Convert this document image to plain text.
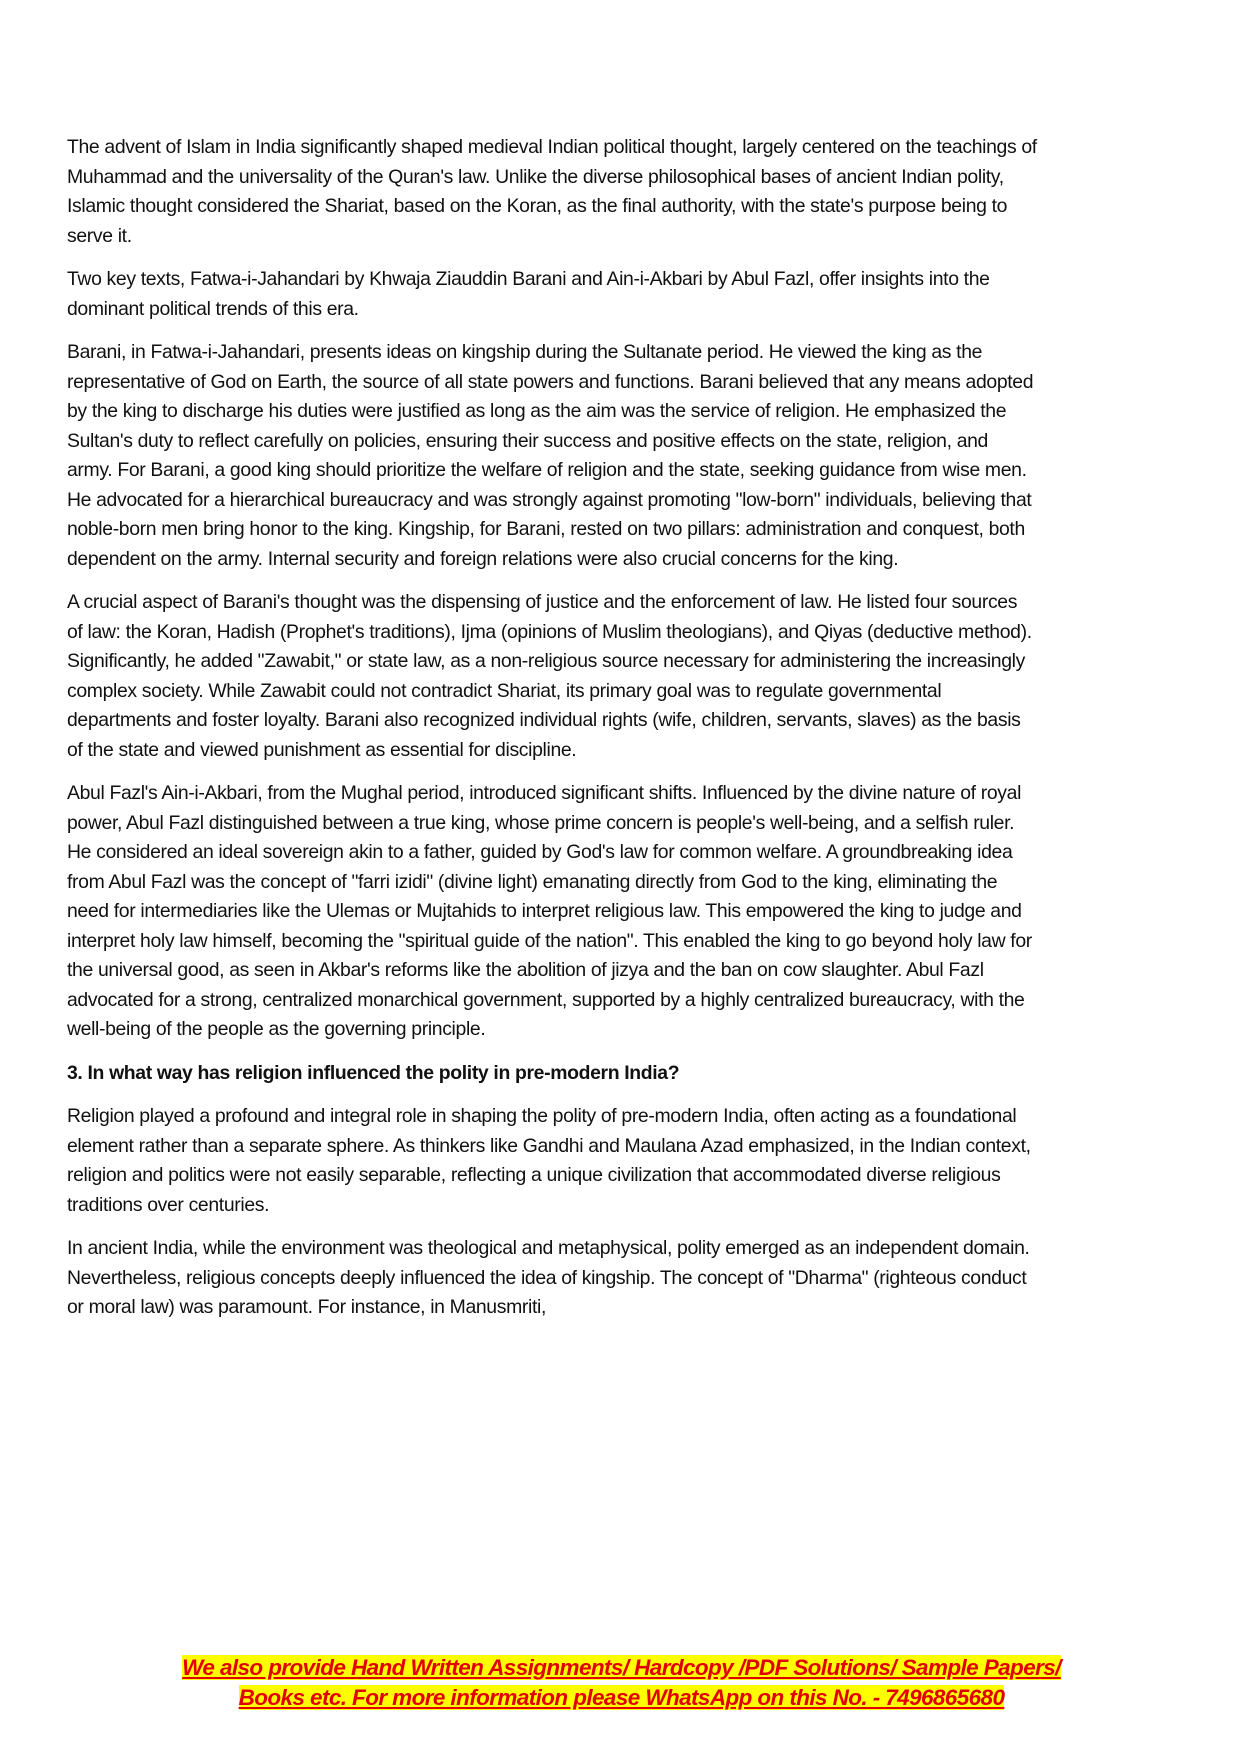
The advent of Islam in India significantly shaped medieval Indian political thought, largely centered on the teachings of Muhammad and the universality of the Quran's law. Unlike the diverse philosophical bases of ancient Indian polity, Islamic thought considered the Shariat, based on the Koran, as the final authority, with the state's purpose being to serve it.

Two key texts, Fatwa-i-Jahandari by Khwaja Ziauddin Barani and Ain-i-Akbari by Abul Fazl, offer insights into the dominant political trends of this era.

Barani, in Fatwa-i-Jahandari, presents ideas on kingship during the Sultanate period. He viewed the king as the representative of God on Earth, the source of all state powers and functions. Barani believed that any means adopted by the king to discharge his duties were justified as long as the aim was the service of religion. He emphasized the Sultan's duty to reflect carefully on policies, ensuring their success and positive effects on the state, religion, and army. For Barani, a good king should prioritize the welfare of religion and the state, seeking guidance from wise men. He advocated for a hierarchical bureaucracy and was strongly against promoting "low-born" individuals, believing that noble-born men bring honor to the king. Kingship, for Barani, rested on two pillars: administration and conquest, both dependent on the army. Internal security and foreign relations were also crucial concerns for the king.

A crucial aspect of Barani's thought was the dispensing of justice and the enforcement of law. He listed four sources of law: the Koran, Hadish (Prophet's traditions), Ijma (opinions of Muslim theologians), and Qiyas (deductive method). Significantly, he added "Zawabit," or state law, as a non-religious source necessary for administering the increasingly complex society. While Zawabit could not contradict Shariat, its primary goal was to regulate governmental departments and foster loyalty. Barani also recognized individual rights (wife, children, servants, slaves) as the basis of the state and viewed punishment as essential for discipline.

Abul Fazl's Ain-i-Akbari, from the Mughal period, introduced significant shifts. Influenced by the divine nature of royal power, Abul Fazl distinguished between a true king, whose prime concern is people's well-being, and a selfish ruler. He considered an ideal sovereign akin to a father, guided by God's law for common welfare. A groundbreaking idea from Abul Fazl was the concept of "farri izidi" (divine light) emanating directly from God to the king, eliminating the need for intermediaries like the Ulemas or Mujtahids to interpret religious law. This empowered the king to judge and interpret holy law himself, becoming the "spiritual guide of the nation". This enabled the king to go beyond holy law for the universal good, as seen in Akbar's reforms like the abolition of jizya and the ban on cow slaughter. Abul Fazl advocated for a strong, centralized monarchical government, supported by a highly centralized bureaucracy, with the well-being of the people as the governing principle.

3. In what way has religion influenced the polity in pre-modern India?

Religion played a profound and integral role in shaping the polity of pre-modern India, often acting as a foundational element rather than a separate sphere. As thinkers like Gandhi and Maulana Azad emphasized, in the Indian context, religion and politics were not easily separable, reflecting a unique civilization that accommodated diverse religious traditions over centuries.

In ancient India, while the environment was theological and metaphysical, polity emerged as an independent domain. Nevertheless, religious concepts deeply influenced the idea of kingship. The concept of "Dharma" (righteous conduct or moral law) was paramount. For instance, in Manusmriti,

We also provide Hand Written Assignments/ Hardcopy /PDF Solutions/ Sample Papers/
Books etc. For more information please WhatsApp on this No. - 7496865680
